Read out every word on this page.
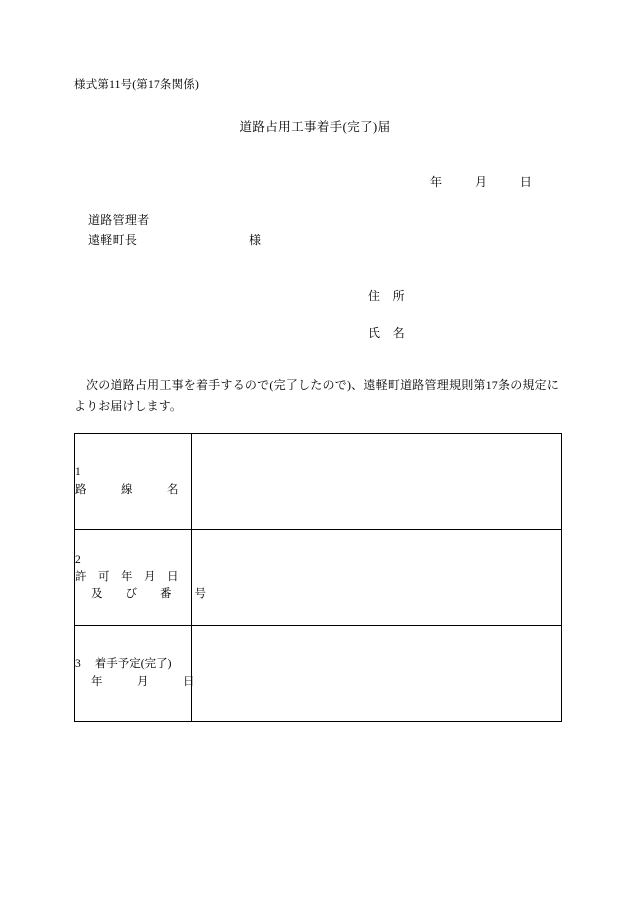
様式第11号(第17条関係)
道路占用工事着手(完了)届
年	月	日
道路管理者
遠軽町長	様
住　所
氏　名
次の道路占用工事を着手するので(完了したので)、遠軽町道路管理規則第17条の規定によりお届けします。
1路　　　線　　　名	

2許　可　年　月　日
及　　び　　番　　号	

3 着手予定(完了)
年　　　月　　　日	
